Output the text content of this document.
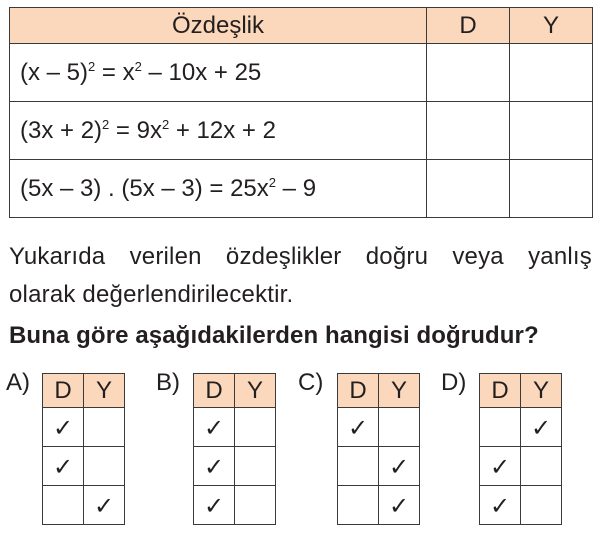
Özdeşlik	D	Y
$(x - 5)^2 = x^2 - 10x + 25$		
$(3x + 2)^2 = 9x^2 + 12x + 2$		
(5x – 3) . $(5x - 3) = 25x^2 - 9$		
Yukarıda verilen özdeşlikler doğru veya yanlış
olarak değerlendirilecektir.
Buna göre aşağıdakilerden hangisi doğrudur?
A) D	Y
✓	
✓	
	✓
B) D	Y
✓	
✓	
✓	
C) D	Y
✓	
	✓
	✓
D) D	Y
	✓
✓	
✓	
